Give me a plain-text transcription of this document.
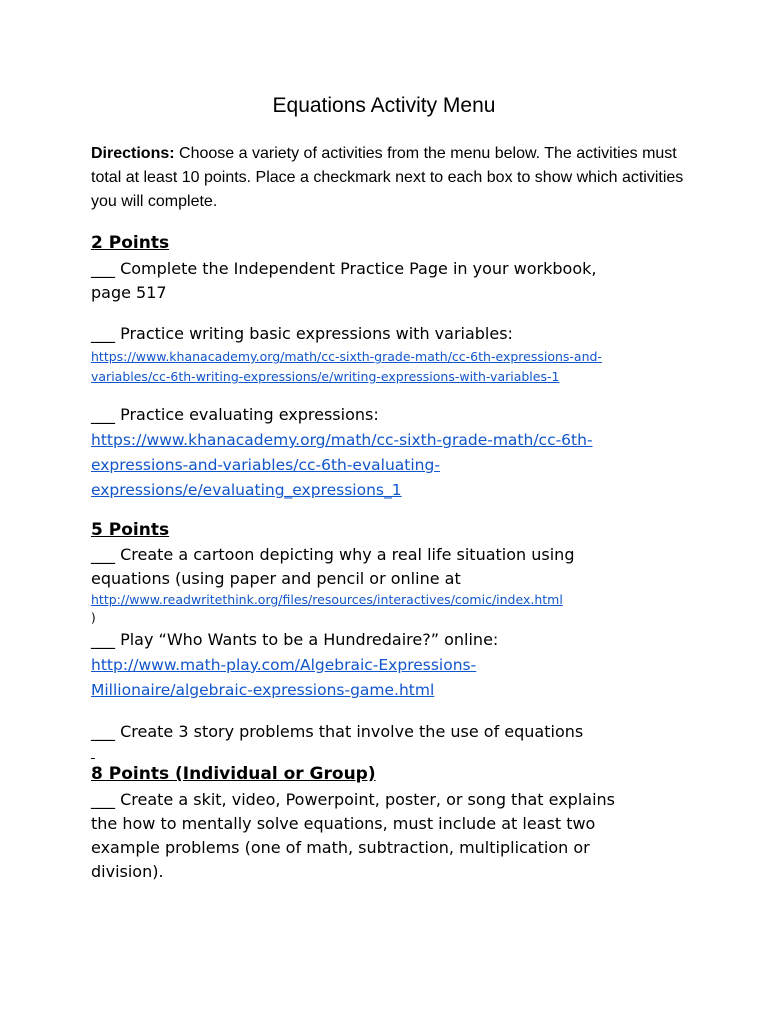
Equations Activity Menu
Directions: Choose a variety of activities from the menu below. The activities must total at least 10 points. Place a checkmark next to each box to show which activities you will complete.
2 Points
___ Complete the Independent Practice Page in your workbook,
page 517
___ Practice writing basic expressions with variables:
https://www.khanacademy.org/math/cc-sixth-grade-math/cc-6th-expressions-and-
variables/cc-6th-writing-expressions/e/writing-expressions-with-variables-1
___ Practice evaluating expressions:
https://www.khanacademy.org/math/cc-sixth-grade-math/cc-6th-
expressions-and-variables/cc-6th-evaluating-
expressions/e/evaluating_expressions_1
5 Points
___ Create a cartoon depicting why a real life situation using
equations (using paper and pencil or online at
http://www.readwritethink.org/files/resources/interactives/comic/index.html
)
___ Play “Who Wants to be a Hundredaire?” online:
http://www.math-play.com/Algebraic-Expressions-
Millionaire/algebraic-expressions-game.html
___ Create 3 story problems that involve the use of equations

8 Points (Individual or Group)
___ Create a skit, video, Powerpoint, poster, or song that explains
the how to mentally solve equations, must include at least two
example problems (one of math, subtraction, multiplication or
division).
